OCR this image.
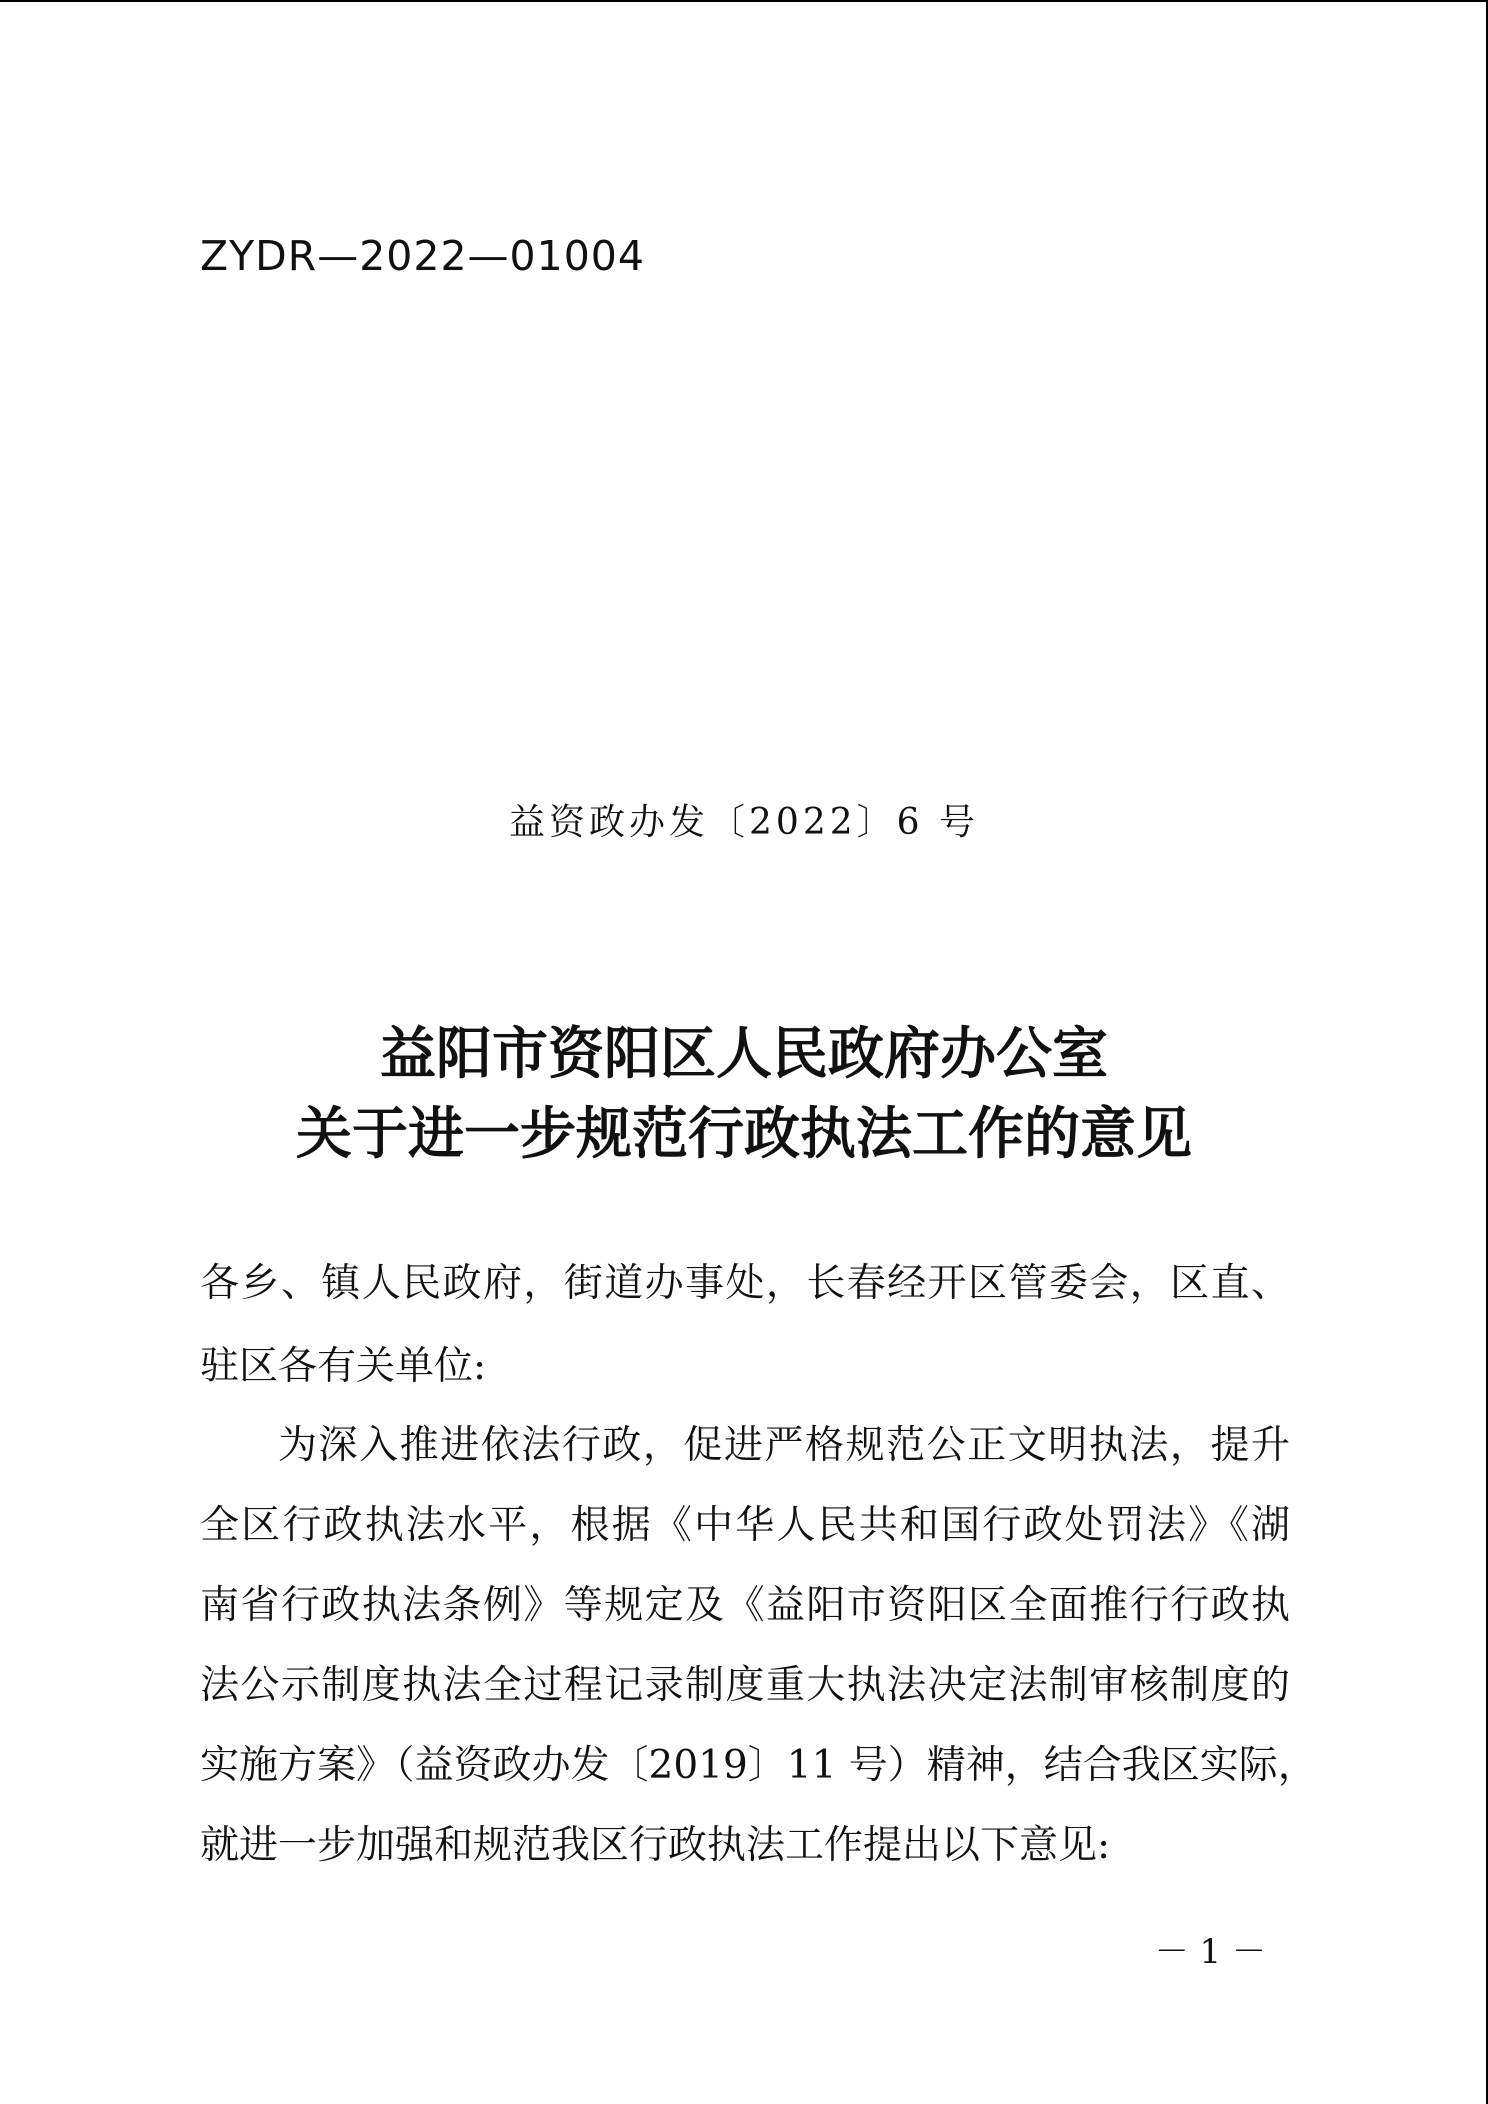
ZYDR—2022—01004
益资政办发〔2022〕6 号
益阳市资阳区人民政府办公室
关于进一步规范行政执法工作的意见
各乡、镇人民政府，街道办事处，长春经开区管委会，区直、
驻区各有关单位:
为深入推进依法行政，促进严格规范公正文明执法，提升
全区行政执法水平，根据《中华人民共和国行政处罚法》《湖
南省行政执法条例》等规定及《益阳市资阳区全面推行行政执
法公示制度执法全过程记录制度重大执法决定法制审核制度的
实施方案》（益资政办发〔2019〕11 号）精神，结合我区实际，
就进一步加强和规范我区行政执法工作提出以下意见:
－ 1 －
